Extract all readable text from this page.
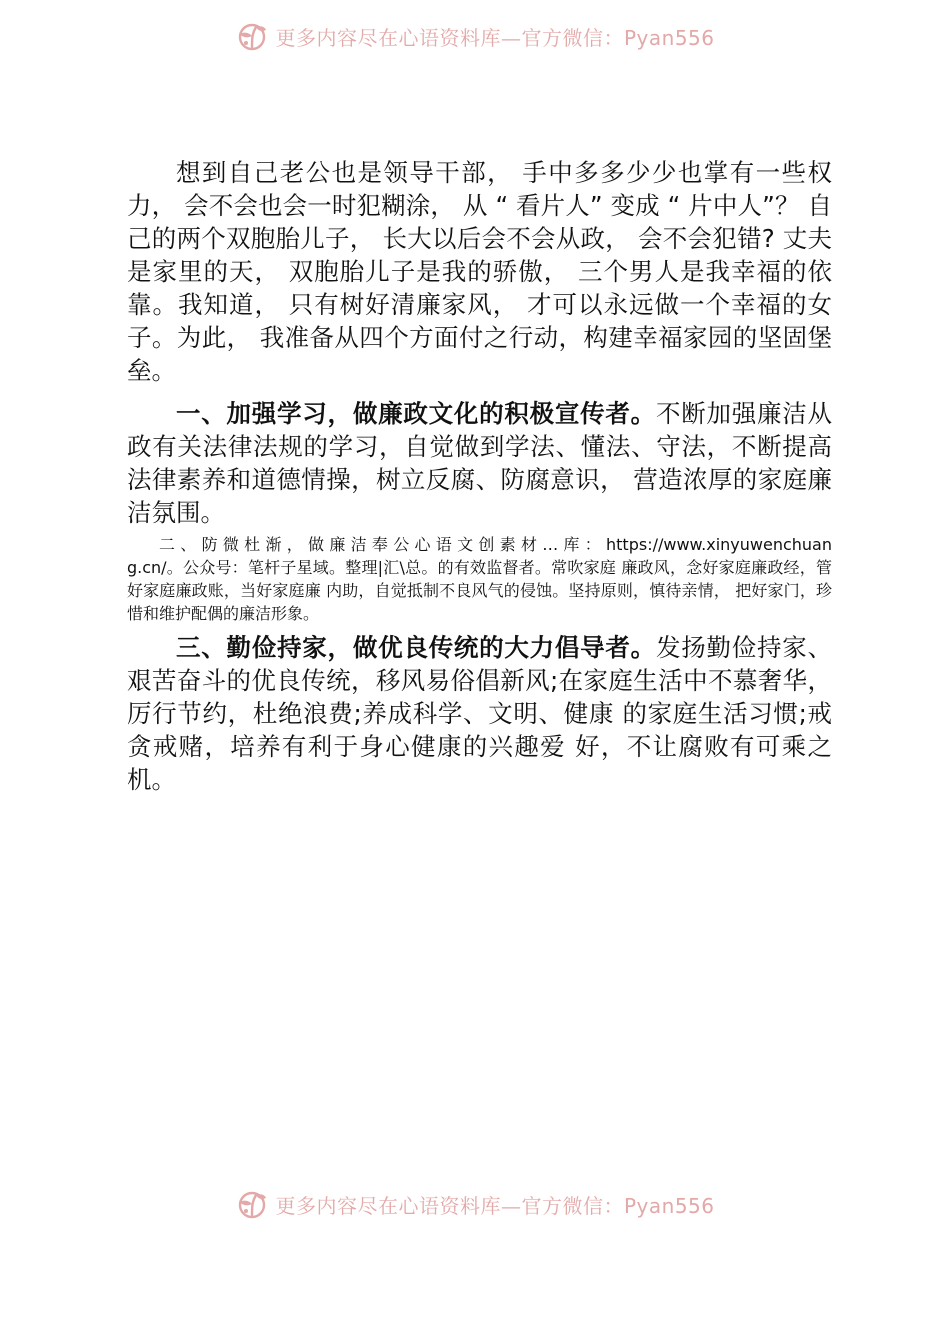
更多内容尽在心语资料库—官方微信：Pyan556

想到自己老公也是领导干部， 手中多多少少也掌有一些权力， 会不会也会一时犯糊涂， 从 “ 看片人” 变成 “ 片中人”？ 自己的两个双胞胎儿子， 长大以后会不会从政， 会不会犯错? 丈夫是家里的天， 双胞胎儿子是我的骄傲， 三个男人是我幸福的依靠。我知道， 只有树好清廉家风， 才可以永远做一个幸福的女子。为此， 我准备从四个方面付之行动，构建幸福家园的坚固堡垒。

一、加强学习，做廉政文化的积极宣传者。不断加强廉洁从政有关法律法规的学习，自觉做到学法、懂法、守法，不断提高法律素养和道德情操，树立反腐、防腐意识， 营造浓厚的家庭廉洁氛围。

二 、 防 微 杜 渐 ， 做 廉 洁 奉 公 心 语 文 创 素 材 … 库 ： https://www.xinyuwenchuang.cn/。公众号：笔杆子星域。整理|汇\总。的有效监督者。常吹家庭 廉政风，念好家庭廉政经，管好家庭廉政账，当好家庭廉 内助，自觉抵制不良风气的侵蚀。坚持原则，慎待亲情， 把好家门，珍惜和维护配偶的廉洁形象。

三、勤俭持家，做优良传统的大力倡导者。发扬勤俭持家、艰苦奋斗的优良传统，移风易俗倡新风;在家庭生活中不慕奢华，厉行节约，杜绝浪费;养成科学、文明、健康 的家庭生活习惯;戒贪戒赌，培养有利于身心健康的兴趣爱 好，不让腐败有可乘之机。

更多内容尽在心语资料库—官方微信：Pyan556
